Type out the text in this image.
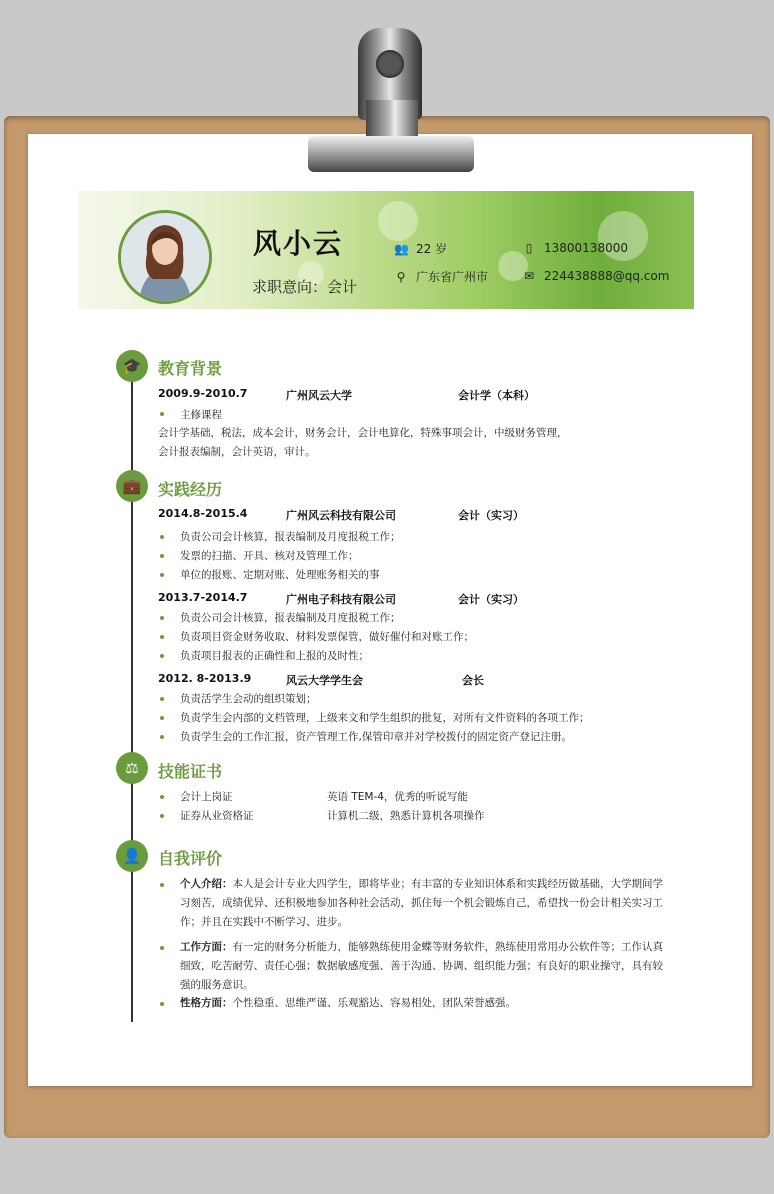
风小云
求职意向：会计
👥 22 岁
⚲ 广东省广州市
▯ 13800138000
✉ 224438888@qq.com
🎓	教育背景
2009.9-2010.7	广州风云大学	会计学（本科）
主修课程
会计学基础，税法，成本会计，财务会计，会计电算化，特殊事项会计，中级财务管理，
会计报表编制，会计英语，审计。
💼	实践经历
2014.8-2015.4	广州风云科技有限公司	会计（实习）
负责公司会计核算，报表编制及月度报税工作；
发票的扫描、开具、核对及管理工作；
单位的报账、定期对账、处理账务相关的事
2013.7-2014.7	广州电子科技有限公司	会计（实习）
负责公司会计核算，报表编制及月度报税工作；
负责项目资金财务收取、材料发票保管，做好催付和对账工作；
负责项目报表的正确性和上报的及时性；
2012. 8-2013.9	风云大学学生会	会长
负责活学生会动的组织策划；
负责学生会内部的文档管理，上级来文和学生组织的批复，对所有文件资料的各项工作；
负责学生会的工作汇报，资产管理工作,保管印章并对学校拨付的固定资产登记注册。
⚖	技能证书
会计上岗证	英语 TEM-4，优秀的听说写能
证券从业资格证	计算机二级，熟悉计算机各项操作
👤	自我评价
个人介绍：本人是会计专业大四学生，即将毕业；有丰富的专业知识体系和实践经历做基础，大学期间学习刻苦，成绩优异、还积极地参加各种社会活动，抓住每一个机会锻炼自己，希望找一份会计相关实习工作；并且在实践中不断学习、进步。
工作方面：有一定的财务分析能力，能够熟练使用金蝶等财务软件，熟练使用常用办公软件等；工作认真细致，吃苦耐劳、责任心强；数据敏感度强、善于沟通、协调、组织能力强；有良好的职业操守，具有较强的服务意识。
性格方面：个性稳重、思维严谨、乐观豁达、容易相处，团队荣誉感强。
